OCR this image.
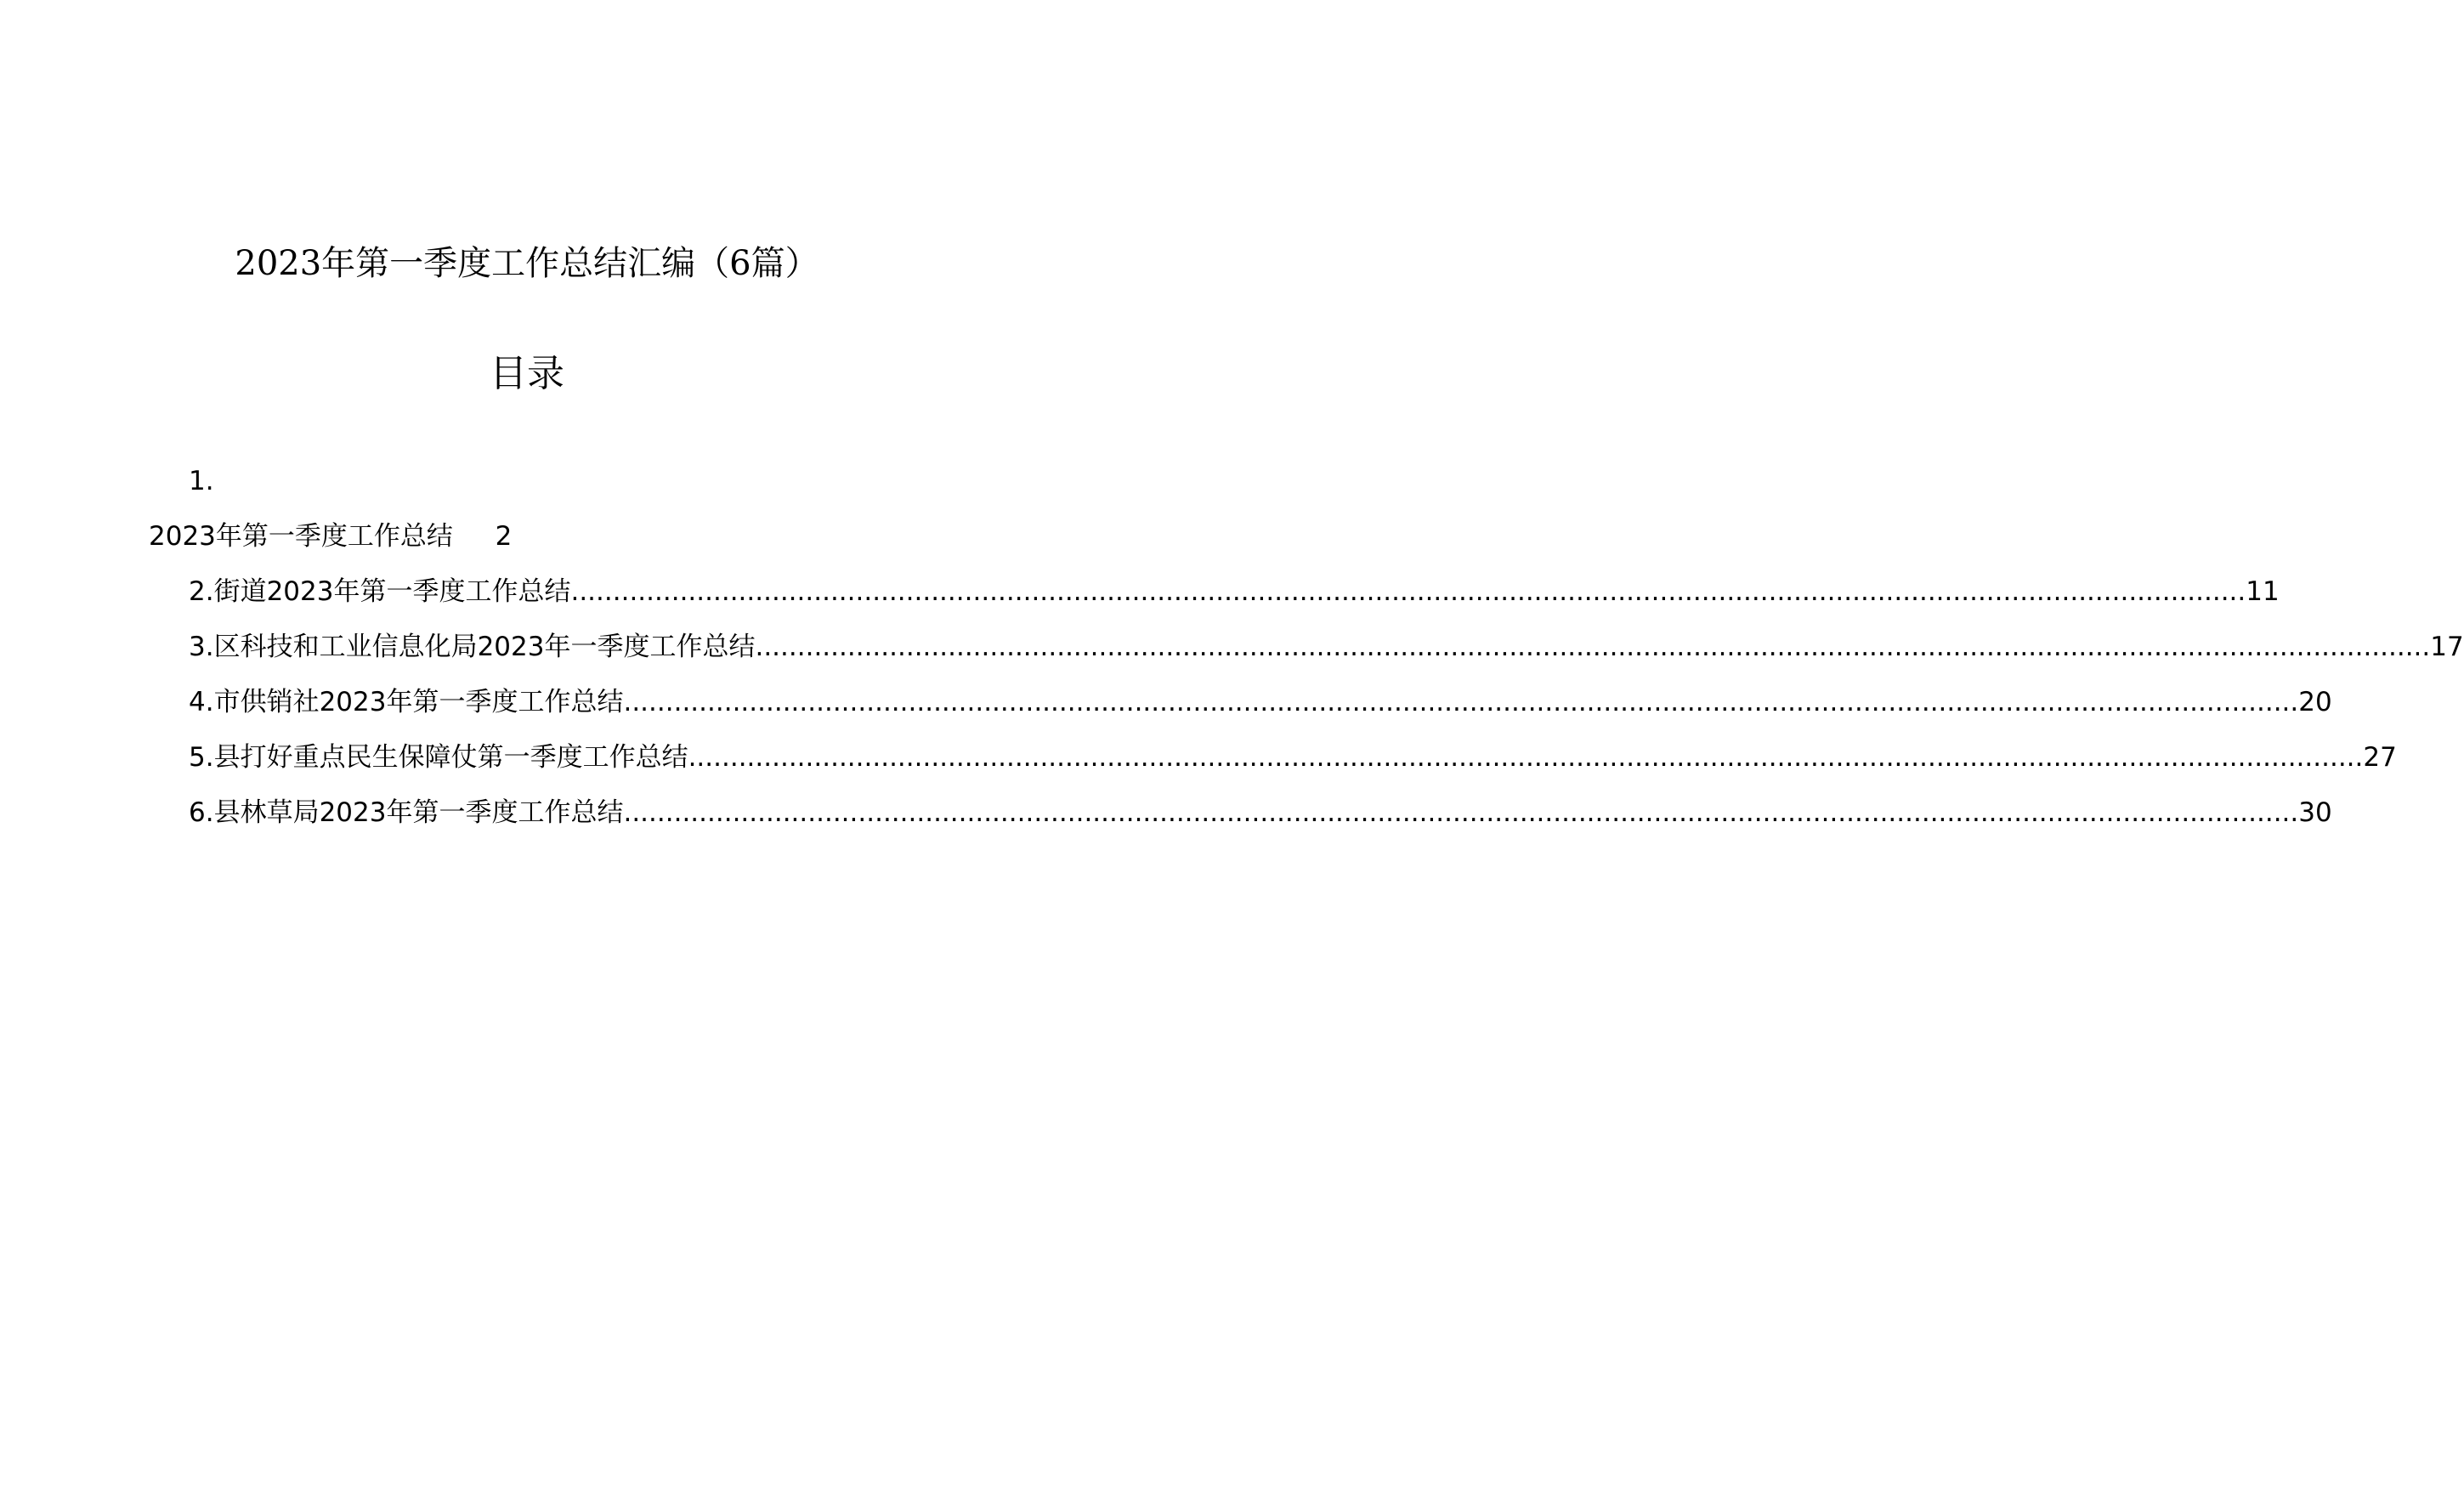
2023年第一季度工作总结汇编（6篇）
目录
1.
2023年第一季度工作总结 2
2.街道2023年第一季度工作总结 ........................................................................................................................................................................................................ 11
3.区科技和工业信息化局2023年一季度工作总结 ........................................................................................................................................................................................................ 17
4.市供销社2023年第一季度工作总结 ........................................................................................................................................................................................................ 20
5.县打好重点民生保障仗第一季度工作总结 ........................................................................................................................................................................................................ 27
6.县林草局2023年第一季度工作总结 ........................................................................................................................................................................................................ 30
